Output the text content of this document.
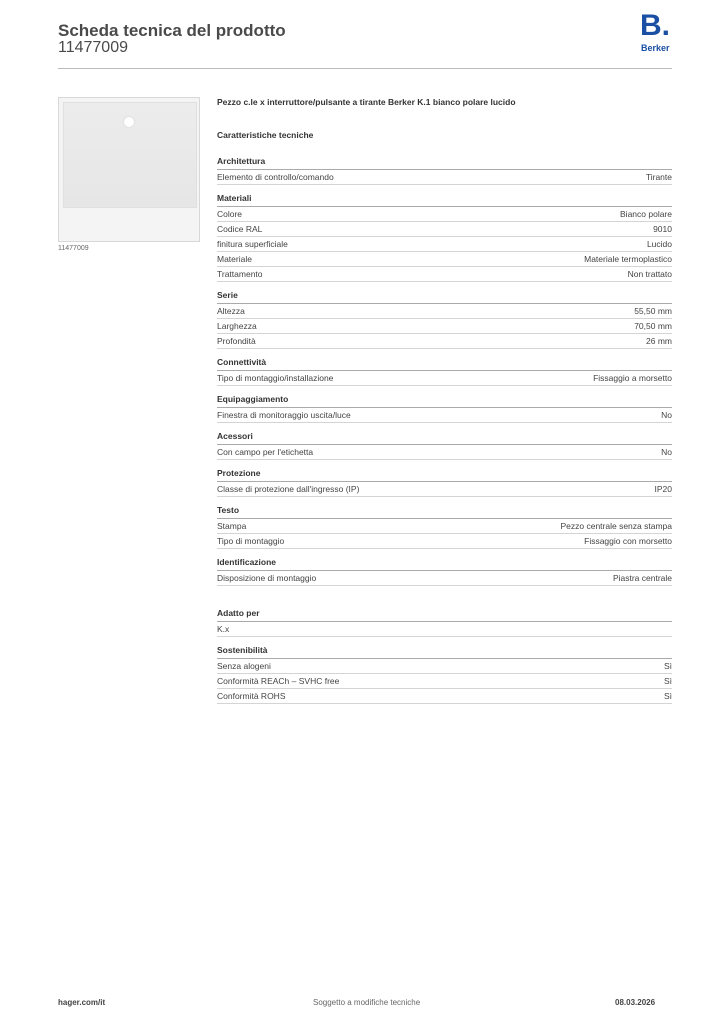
Scheda tecnica del prodotto
11477009
B.
Berker
11477009
Pezzo c.le x interruttore/pulsante a tirante Berker K.1 bianco polare lucido
Caratteristiche tecniche
Architettura
Elemento di controllo/comando	Tirante
Materiali
Colore	Bianco polare
Codice RAL	9010
finitura superficiale	Lucido
Materiale	Materiale termoplastico
Trattamento	Non trattato
Serie
Altezza	55,50 mm
Larghezza	70,50 mm
Profondità	26 mm
Connettività
Tipo di montaggio/installazione	Fissaggio a morsetto
Equipaggiamento
Finestra di monitoraggio uscita/luce	No
Acessori
Con campo per l'etichetta	No
Protezione
Classe di protezione dall'ingresso (IP)	IP20
Testo
Stampa	Pezzo centrale senza stampa
Tipo di montaggio	Fissaggio con morsetto
Identificazione
Disposizione di montaggio	Piastra centrale
Adatto per
K.x
Sostenibilità
Senza alogeni	Sì
Conformità REACh – SVHC free	Sì
Conformità ROHS	Sì
hager.com/it	Soggetto a modifiche tecniche	08.03.2026
